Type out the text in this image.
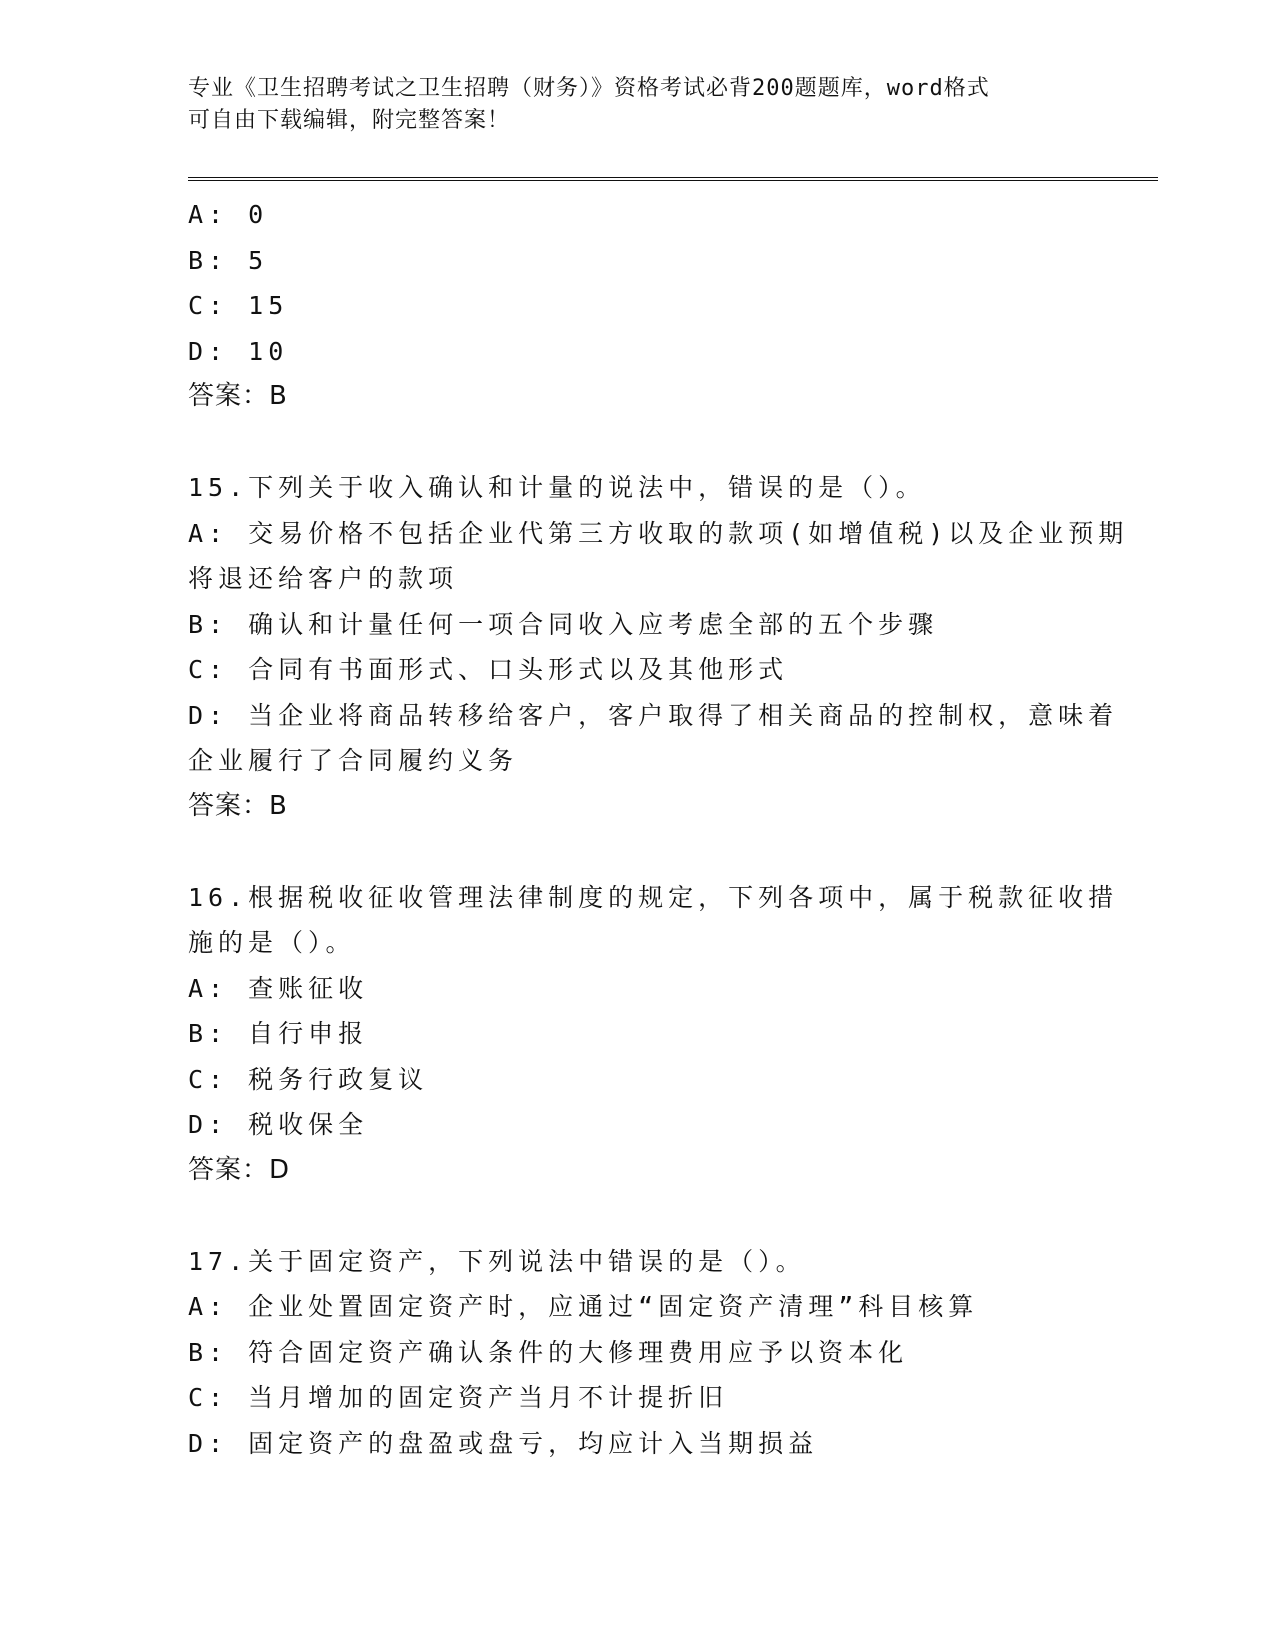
专业《卫生招聘考试之卫生招聘（财务）》资格考试必背200题题库，word格式
可自由下载编辑，附完整答案！
A: 0
B: 5
C: 15
D: 10
答案：B
15.下列关于收入确认和计量的说法中，错误的是（）。
A: 交易价格不包括企业代第三方收取的款项(如增值税)以及企业预期
将退还给客户的款项
B: 确认和计量任何一项合同收入应考虑全部的五个步骤
C: 合同有书面形式、口头形式以及其他形式
D: 当企业将商品转移给客户，客户取得了相关商品的控制权，意味着
企业履行了合同履约义务
答案：B
16.根据税收征收管理法律制度的规定，下列各项中，属于税款征收措
施的是（）。
A: 查账征收
B: 自行申报
C: 税务行政复议
D: 税收保全
答案：D
17.关于固定资产，下列说法中错误的是（）。
A: 企业处置固定资产时，应通过“固定资产清理”科目核算
B: 符合固定资产确认条件的大修理费用应予以资本化
C: 当月增加的固定资产当月不计提折旧
D: 固定资产的盘盈或盘亏，均应计入当期损益
